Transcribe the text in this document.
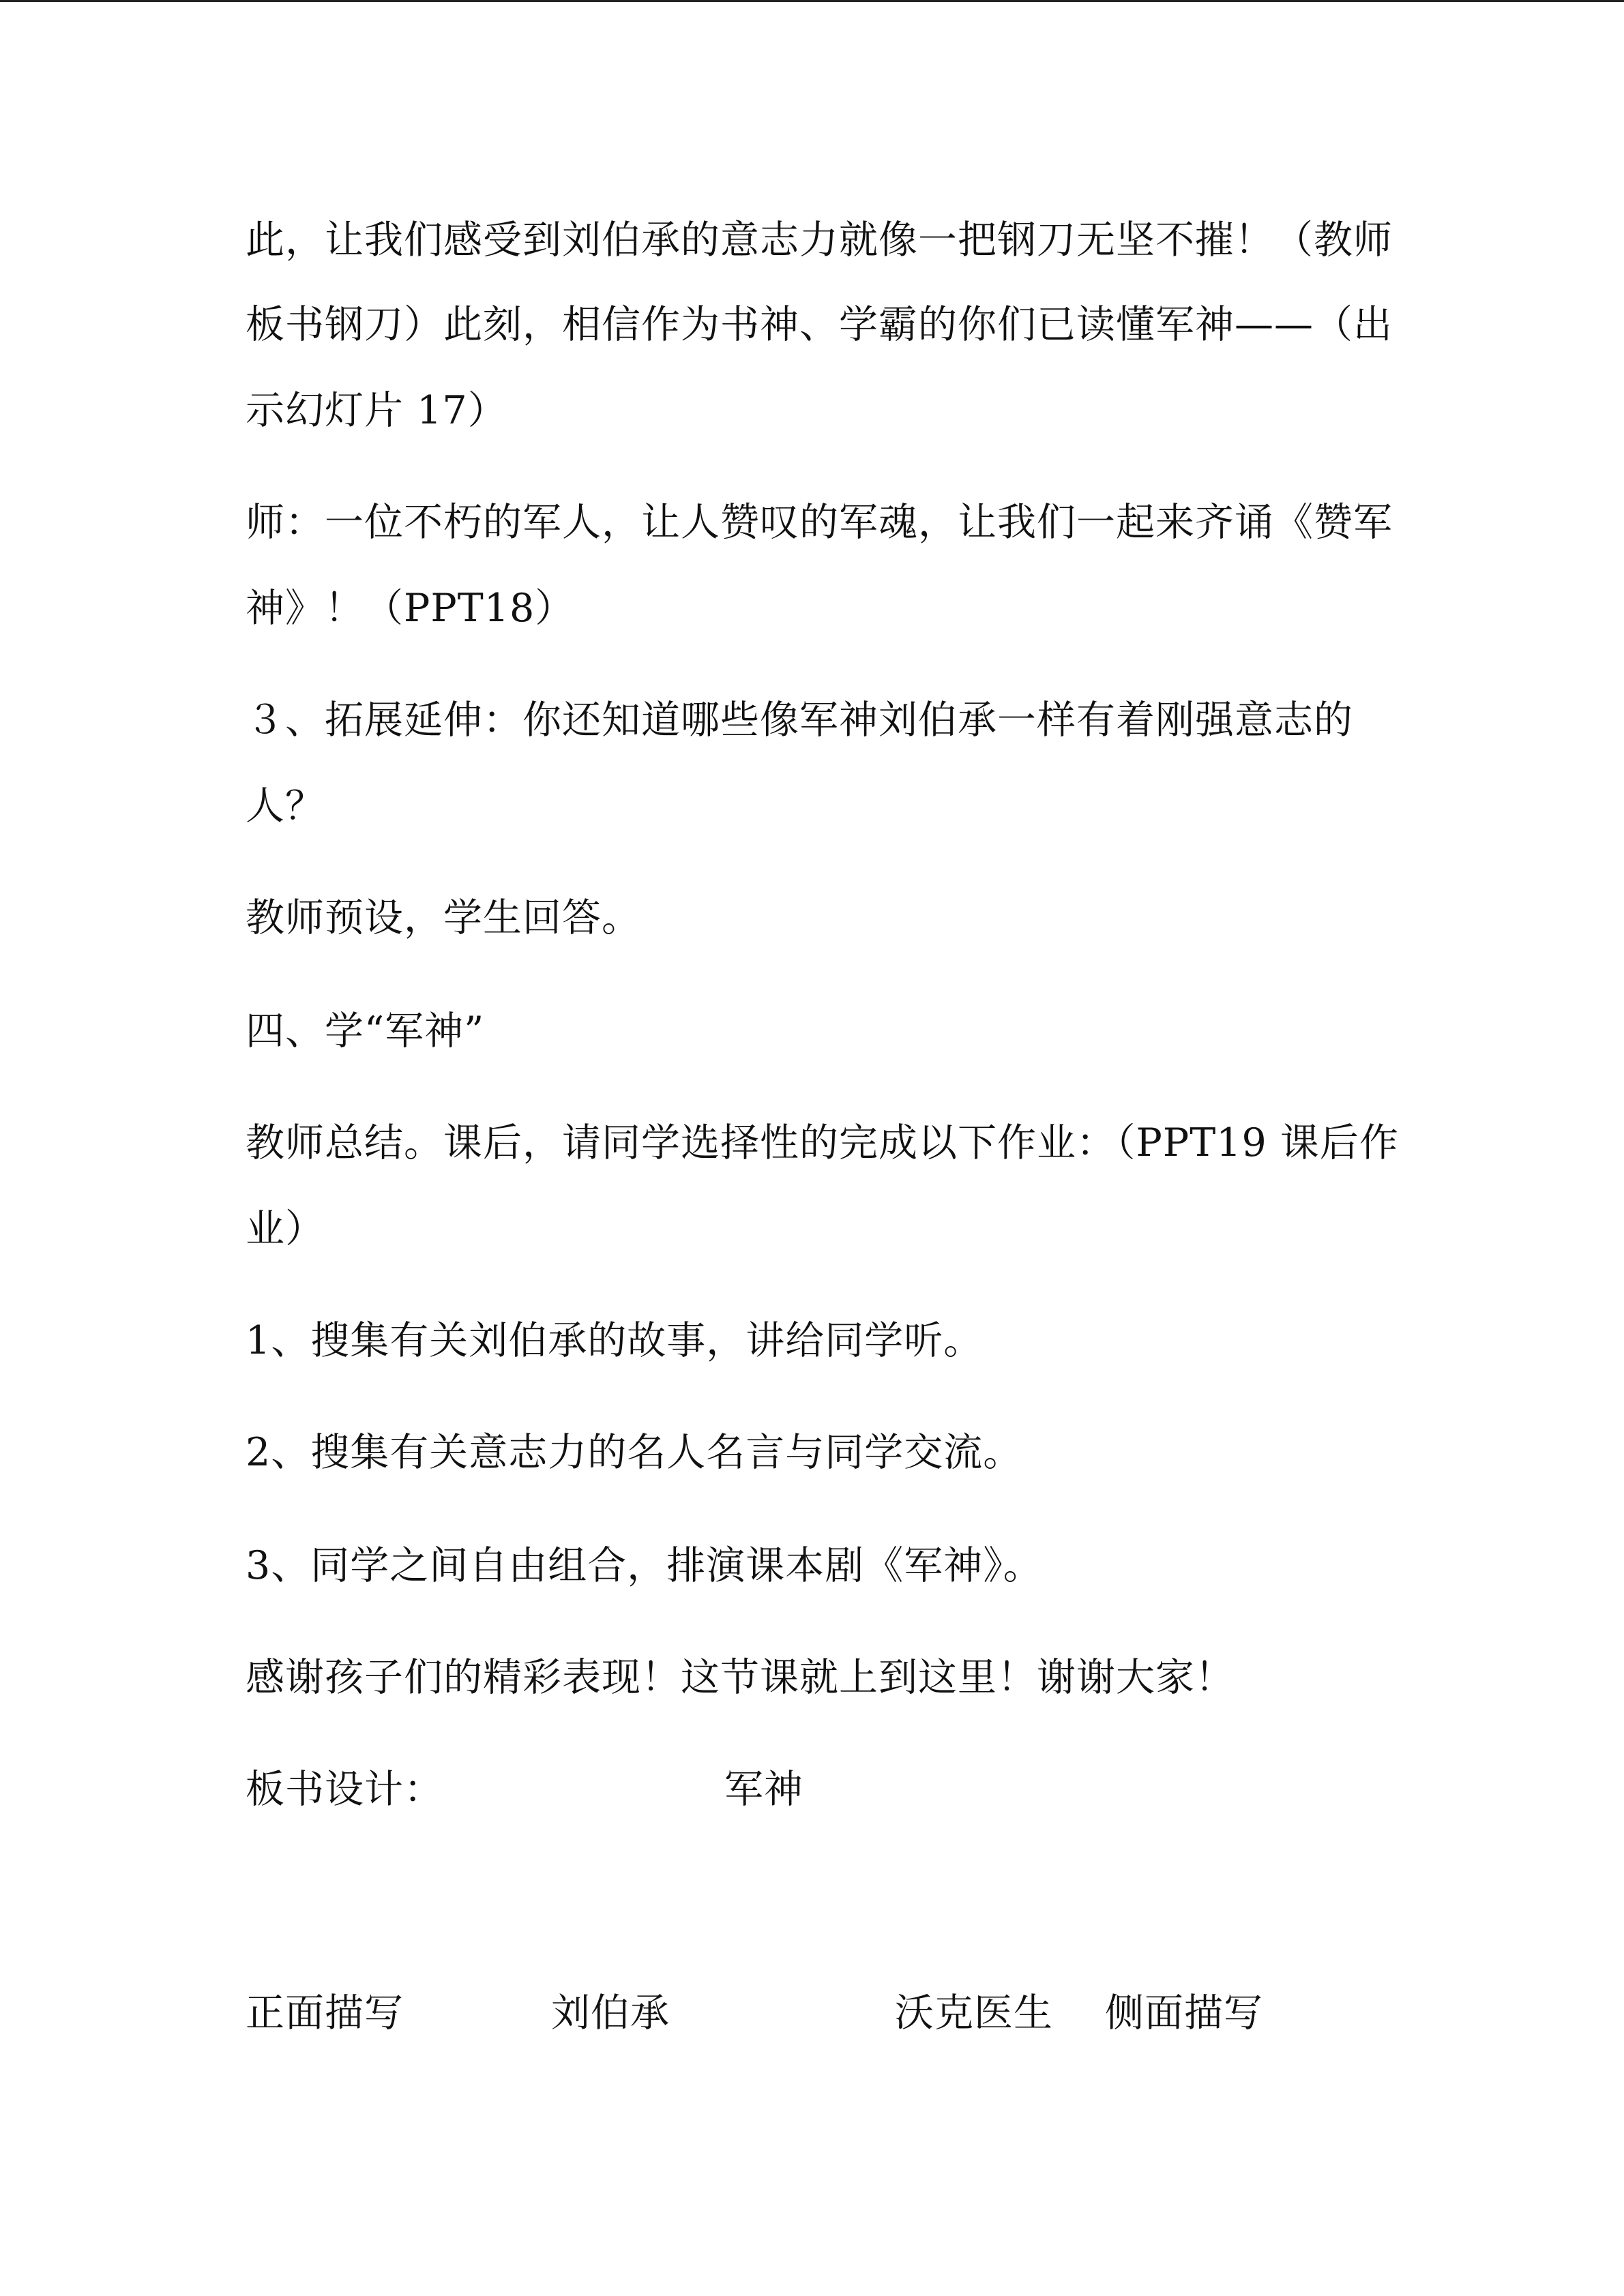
此，让我们感受到刘伯承的意志力就像一把钢刀无坚不摧！（教师
板书钢刀）此刻，相信作为书神、学霸的你们已读懂军神——（出
示幻灯片 17）
师：一位不朽的军人，让人赞叹的军魂，让我们一起来齐诵《赞军
神》！（PPT18）
３、拓展延伸：你还知道哪些像军神刘伯承一样有着刚强意志的
人？
教师预设，学生回答。
四、学“军神”
教师总结。课后，请同学选择性的完成以下作业：（PPT19 课后作
业）
1、搜集有关刘伯承的故事，讲给同学听。
2、搜集有关意志力的名人名言与同学交流。
3、同学之间自由组合，排演课本剧《军神》。
感谢孩子们的精彩表现！这节课就上到这里！谢谢大家！
板书设计：	军神
正面描写	刘伯承	沃克医生 侧面描写
